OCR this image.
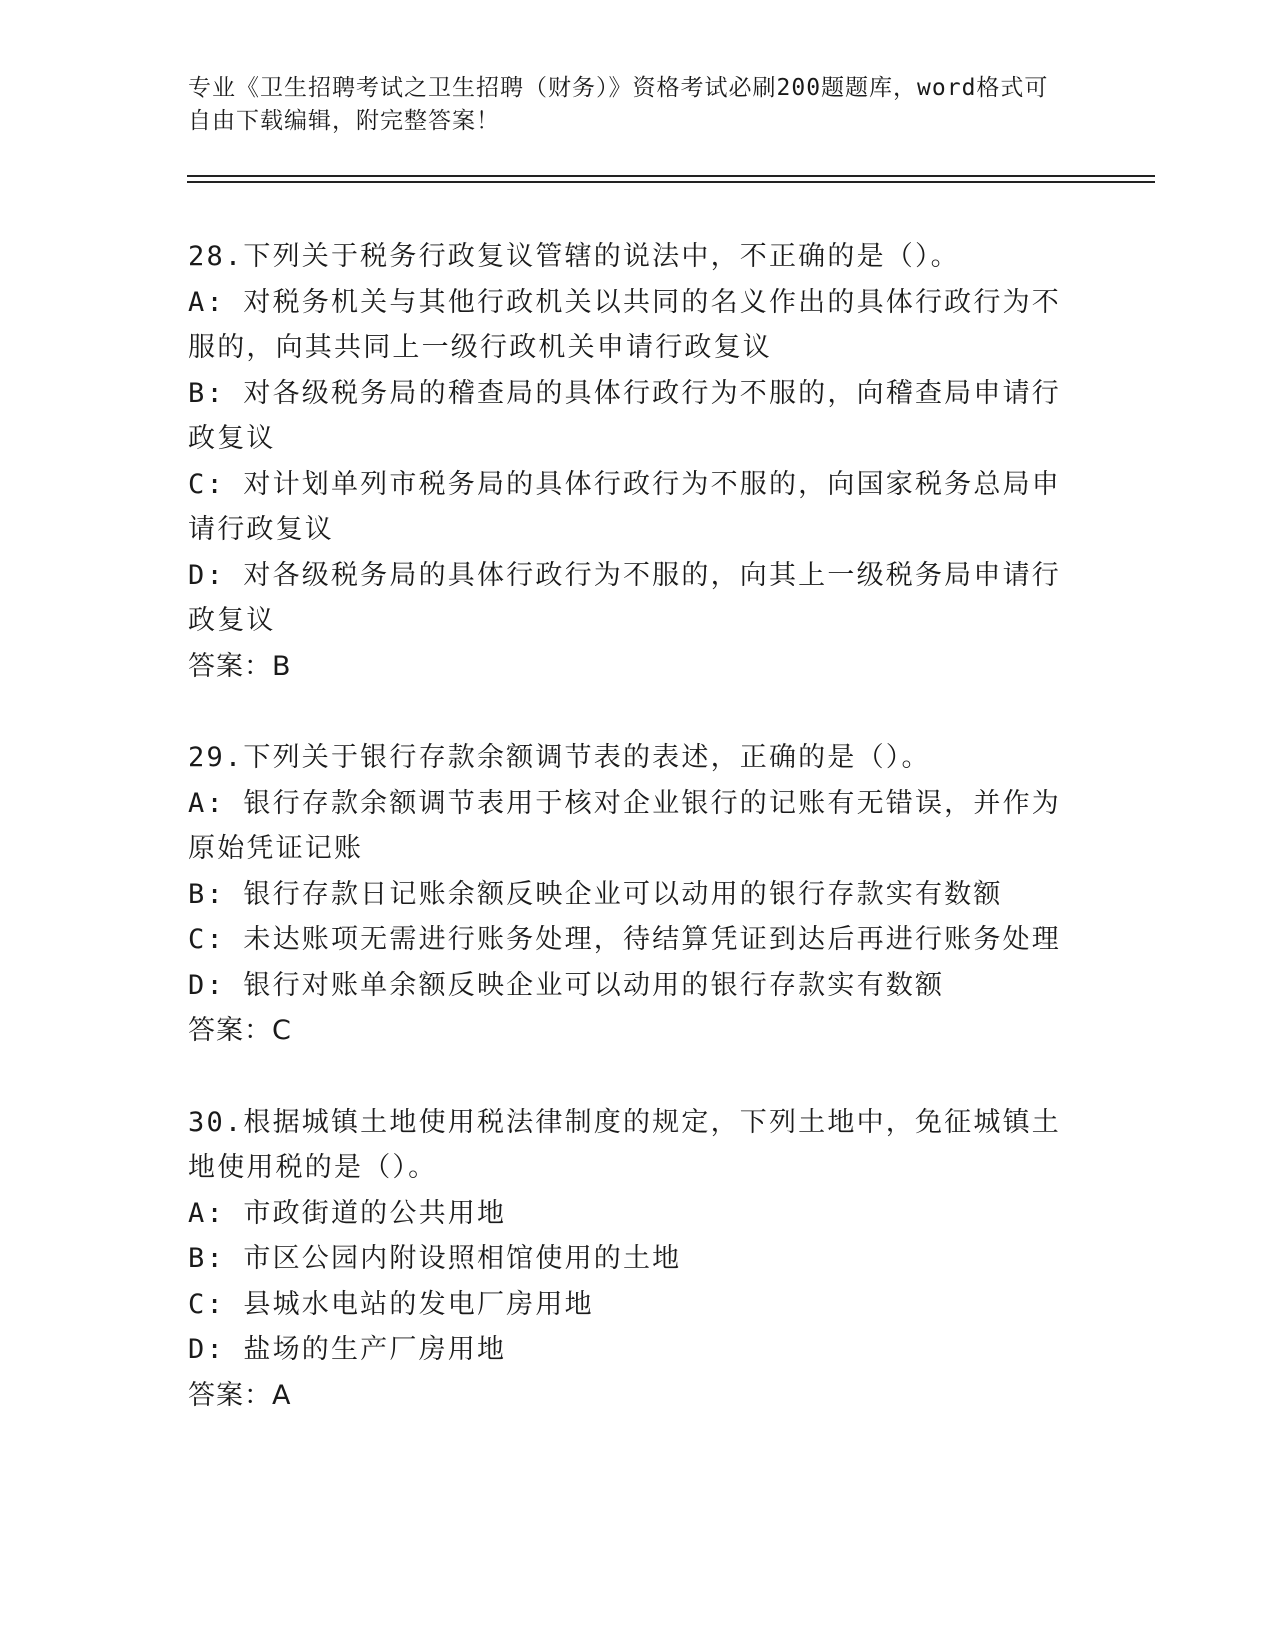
专业《卫生招聘考试之卫生招聘（财务）》资格考试必刷200题题库，word格式可自由下载编辑，附完整答案！

28.下列关于税务行政复议管辖的说法中，不正确的是（）。

A: 对税务机关与其他行政机关以共同的名义作出的具体行政行为不服的，向其共同上一级行政机关申请行政复议

B: 对各级税务局的稽查局的具体行政行为不服的，向稽查局申请行政复议

C: 对计划单列市税务局的具体行政行为不服的，向国家税务总局申请行政复议

D: 对各级税务局的具体行政行为不服的，向其上一级税务局申请行政复议

答案：B

29.下列关于银行存款余额调节表的表述，正确的是（）。

A: 银行存款余额调节表用于核对企业银行的记账有无错误，并作为原始凭证记账

B: 银行存款日记账余额反映企业可以动用的银行存款实有数额

C: 未达账项无需进行账务处理，待结算凭证到达后再进行账务处理

D: 银行对账单余额反映企业可以动用的银行存款实有数额

答案：C

30.根据城镇土地使用税法律制度的规定，下列土地中，免征城镇土地使用税的是（）。

A: 市政街道的公共用地

B: 市区公园内附设照相馆使用的土地

C: 县城水电站的发电厂房用地

D: 盐场的生产厂房用地

答案：A
